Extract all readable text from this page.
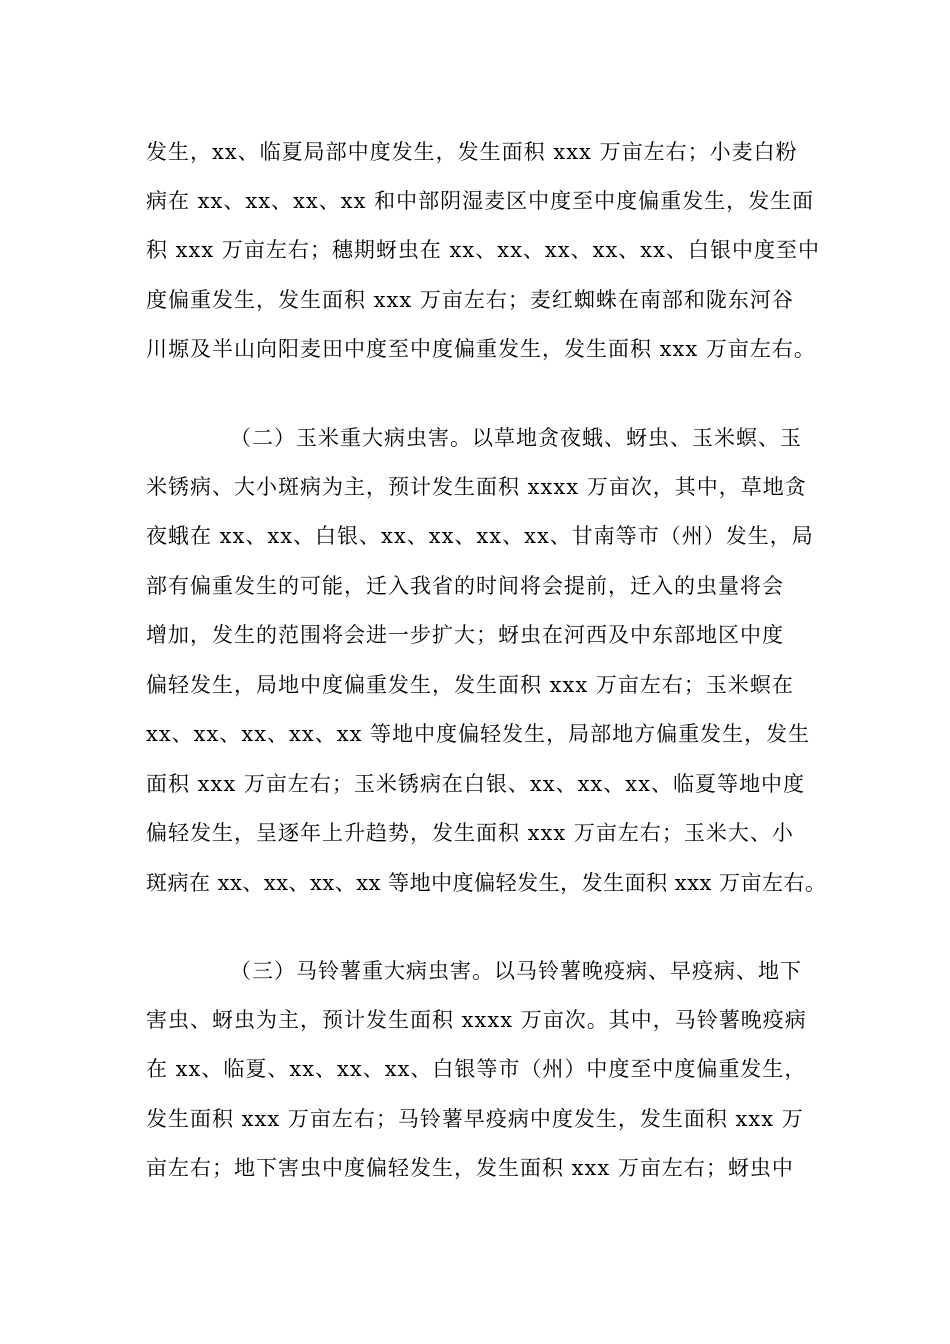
发生，xx、临夏局部中度发生，发生面积 xxx 万亩左右；小麦白粉
病在 xx、xx、xx、xx 和中部阴湿麦区中度至中度偏重发生，发生面
积 xxx 万亩左右；穗期蚜虫在 xx、xx、xx、xx、xx、白银中度至中
度偏重发生，发生面积 xxx 万亩左右；麦红蜘蛛在南部和陇东河谷
川塬及半山向阳麦田中度至中度偏重发生，发生面积 xxx 万亩左右。
（二）玉米重大病虫害。以草地贪夜蛾、蚜虫、玉米螟、玉
米锈病、大小斑病为主，预计发生面积 xxxx 万亩次，其中，草地贪
夜蛾在 xx、xx、白银、xx、xx、xx、xx、甘南等市（州）发生，局
部有偏重发生的可能，迁入我省的时间将会提前，迁入的虫量将会
增加，发生的范围将会进一步扩大；蚜虫在河西及中东部地区中度
偏轻发生，局地中度偏重发生，发生面积 xxx 万亩左右；玉米螟在
xx、xx、xx、xx、xx 等地中度偏轻发生，局部地方偏重发生，发生
面积 xxx 万亩左右；玉米锈病在白银、xx、xx、xx、临夏等地中度
偏轻发生，呈逐年上升趋势，发生面积 xxx 万亩左右；玉米大、小
斑病在 xx、xx、xx、xx 等地中度偏轻发生，发生面积 xxx 万亩左右。
（三）马铃薯重大病虫害。以马铃薯晚疫病、早疫病、地下
害虫、蚜虫为主，预计发生面积 xxxx 万亩次。其中，马铃薯晚疫病
在 xx、临夏、xx、xx、xx、白银等市（州）中度至中度偏重发生，
发生面积 xxx 万亩左右；马铃薯早疫病中度发生，发生面积 xxx 万
亩左右；地下害虫中度偏轻发生，发生面积 xxx 万亩左右；蚜虫中
